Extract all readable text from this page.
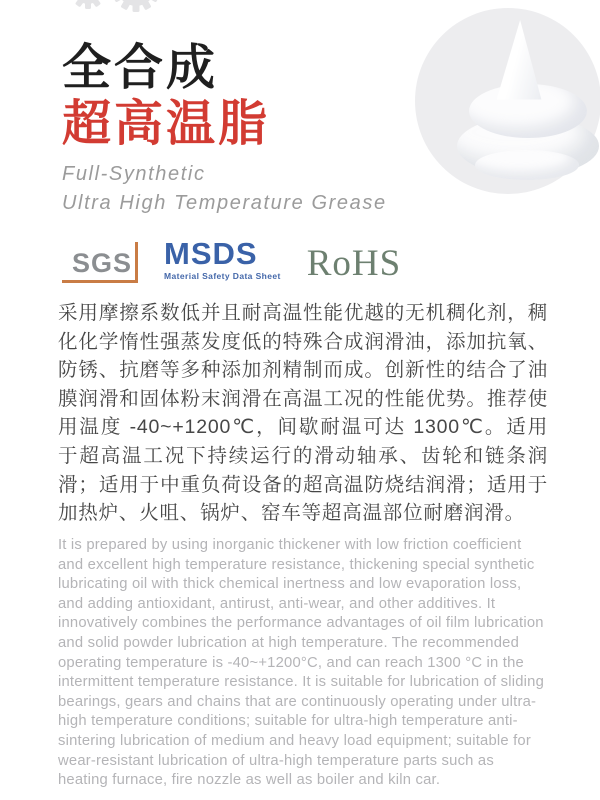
全合成
超高温脂
Full-Synthetic
Ultra High Temperature Grease
SGS MSDS
Material Safety Data Sheet RoHS
采用摩擦系数低并且耐高温性能优越的无机稠化剂，稠化化学惰性强蒸发度低的特殊合成润滑油，添加抗氧、防锈、抗磨等多种添加剂精制而成。创新性的结合了油膜润滑和固体粉末润滑在高温工况的性能优势。推荐使用温度 -40~+1200℃，间歇耐温可达 1300℃。适用于超高温工况下持续运行的滑动轴承、齿轮和链条润滑；适用于中重负荷设备的超高温防烧结润滑；适用于加热炉、火咀、锅炉、窑车等超高温部位耐磨润滑。
It is prepared by using inorganic thickener with low friction coefficient and excellent high temperature resistance, thickening special synthetic lubricating oil with thick chemical inertness and low evaporation loss, and adding antioxidant, antirust, anti-wear, and other additives. It innovatively combines the performance advantages of oil film lubrication and solid powder lubrication at high temperature. The recommended operating temperature is -40~+1200°C, and can reach 1300 °C in the intermittent temperature resistance. It is suitable for lubrication of sliding bearings, gears and chains that are continuously operating under ultra-high temperature conditions; suitable for ultra-high temperature anti-sintering lubrication of medium and heavy load equipment; suitable for wear-resistant lubrication of ultra-high temperature parts such as heating furnace, fire nozzle as well as boiler and kiln car.
